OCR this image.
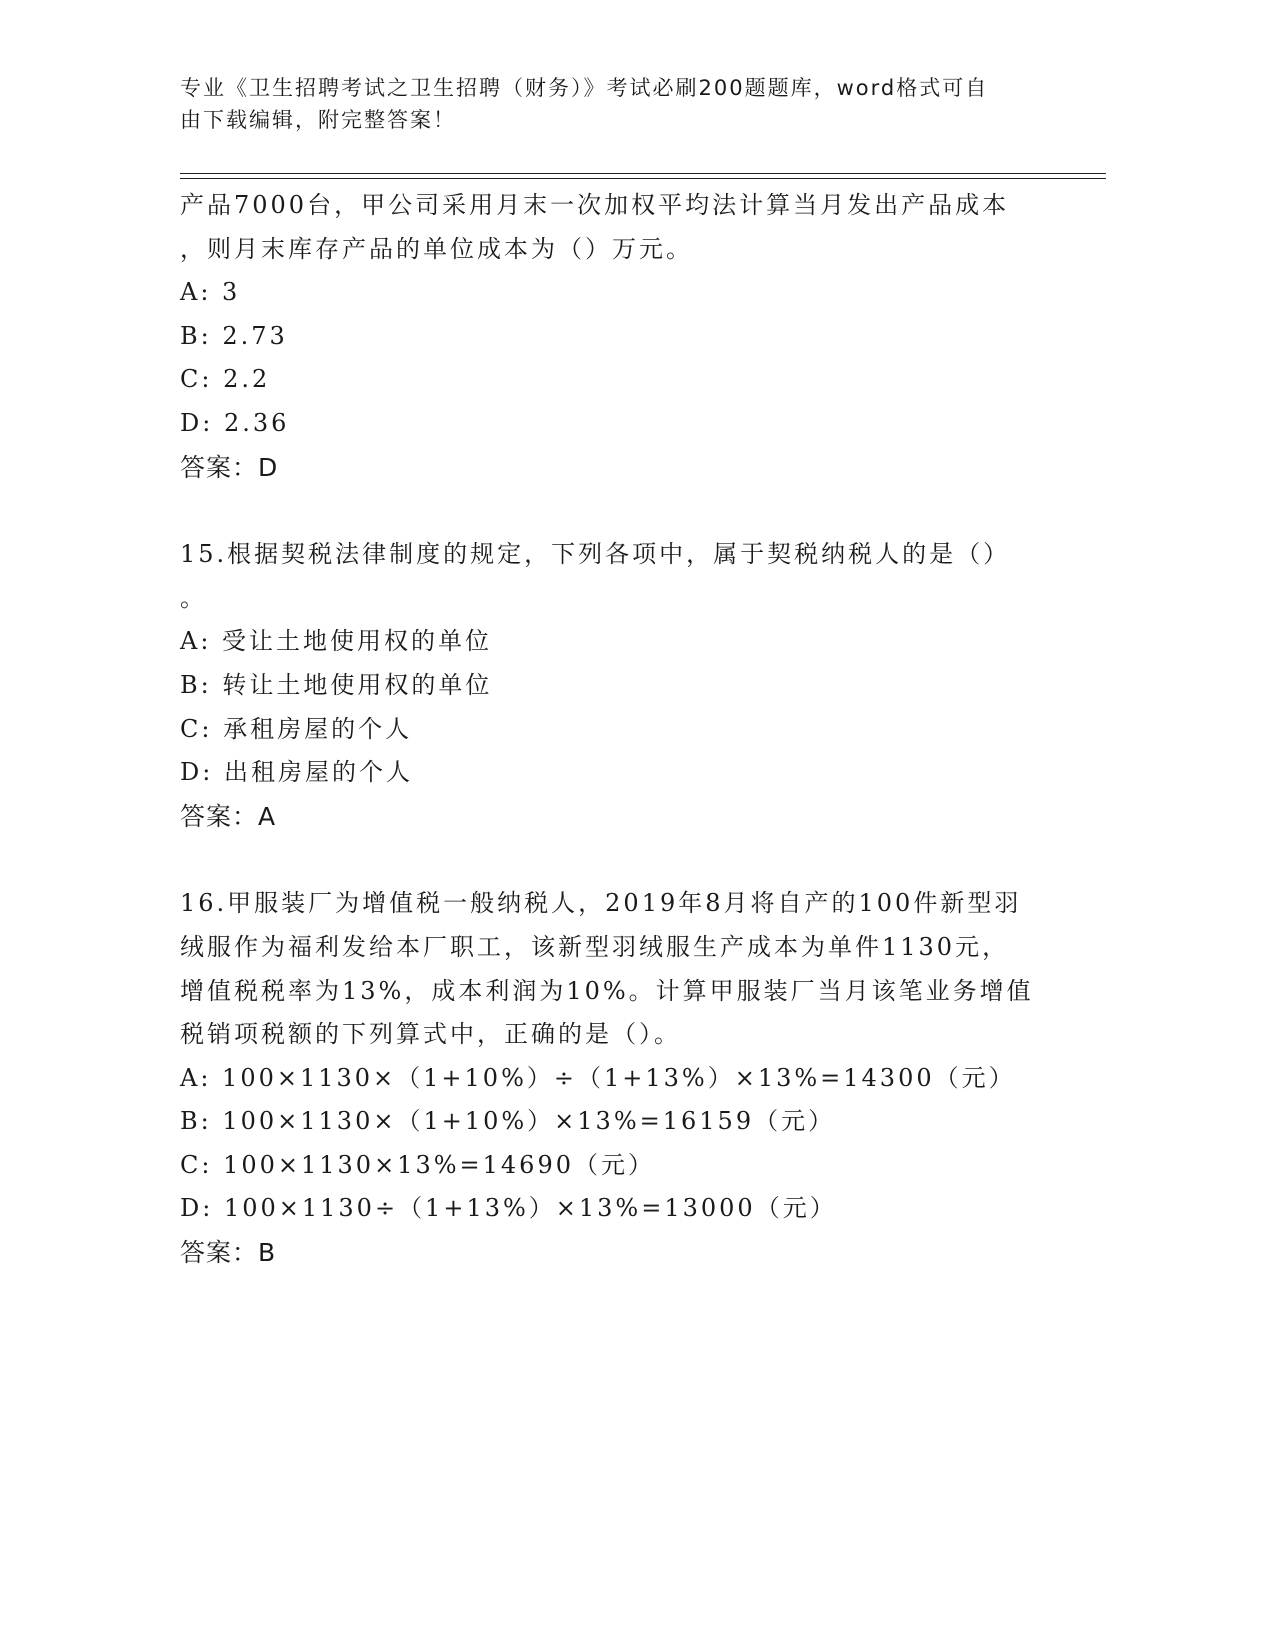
专业《卫生招聘考试之卫生招聘（财务）》考试必刷200题题库，word格式可自
由下载编辑，附完整答案！
产品7000台，甲公司采用月末一次加权平均法计算当月发出产品成本
，则月末库存产品的单位成本为（）万元。
A: 3
B: 2.73
C: 2.2
D: 2.36
答案：D
15.根据契税法律制度的规定，下列各项中，属于契税纳税人的是（）
。
A: 受让土地使用权的单位
B: 转让土地使用权的单位
C: 承租房屋的个人
D: 出租房屋的个人
答案：A
16.甲服装厂为增值税一般纳税人，2019年8月将自产的100件新型羽
绒服作为福利发给本厂职工，该新型羽绒服生产成本为单件1130元，
增值税税率为13%，成本利润为10%。计算甲服装厂当月该笔业务增值
税销项税额的下列算式中，正确的是（）。
A: 100×1130×（1+10%）÷（1+13%）×13%=14300（元）
B: 100×1130×（1+10%）×13%=16159（元）
C: 100×1130×13%=14690（元）
D: 100×1130÷（1+13%）×13%=13000（元）
答案：B
